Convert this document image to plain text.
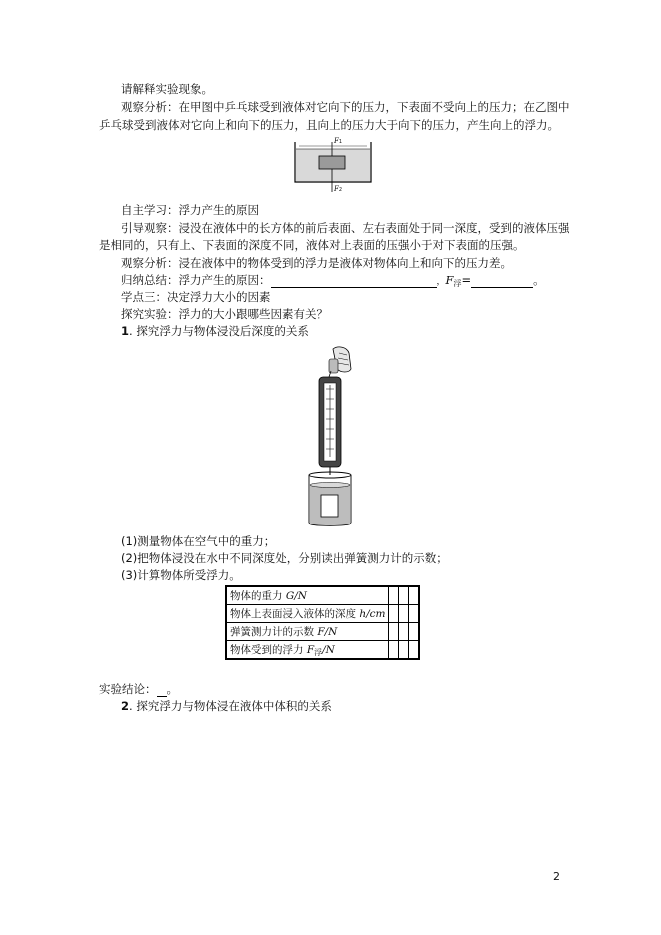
请解释实验现象。
观察分析：在甲图中乒乓球受到液体对它向下的压力，下表面不受向上的压力；在乙图中
乒乓球受到液体对它向上和向下的压力，且向上的压力大于向下的压力，产生向上的浮力。
F1
F2
自主学习：浮力产生的原因
引导观察：浸没在液体中的长方体的前后表面、左右表面处于同一深度，受到的液体压强
是相同的，只有上、下表面的深度不同，液体对上表面的压强小于对下表面的压强。
观察分析：浸在液体中的物体受到的浮力是液体对物体向上和向下的压力差。
归纳总结：浮力产生的原因：	，$F_浮=$	。
学点三：决定浮力大小的因素
探究实验：浮力的大小跟哪些因素有关？
1. 探究浮力与物体浸没后深度的关系
(1)测量物体在空气中的重力；
(2)把物体浸没在水中不同深度处，分别读出弹簧测力计的示数；
(3)计算物体所受浮力。
物体的重力 G/N			
物体上表面浸入液体的深度 h/cm			
弹簧测力计的示数 F/N			
物体受到的浮力 $F_浮/N$			
实验结论： 。
2. 探究浮力与物体浸在液体中体积的关系
2
